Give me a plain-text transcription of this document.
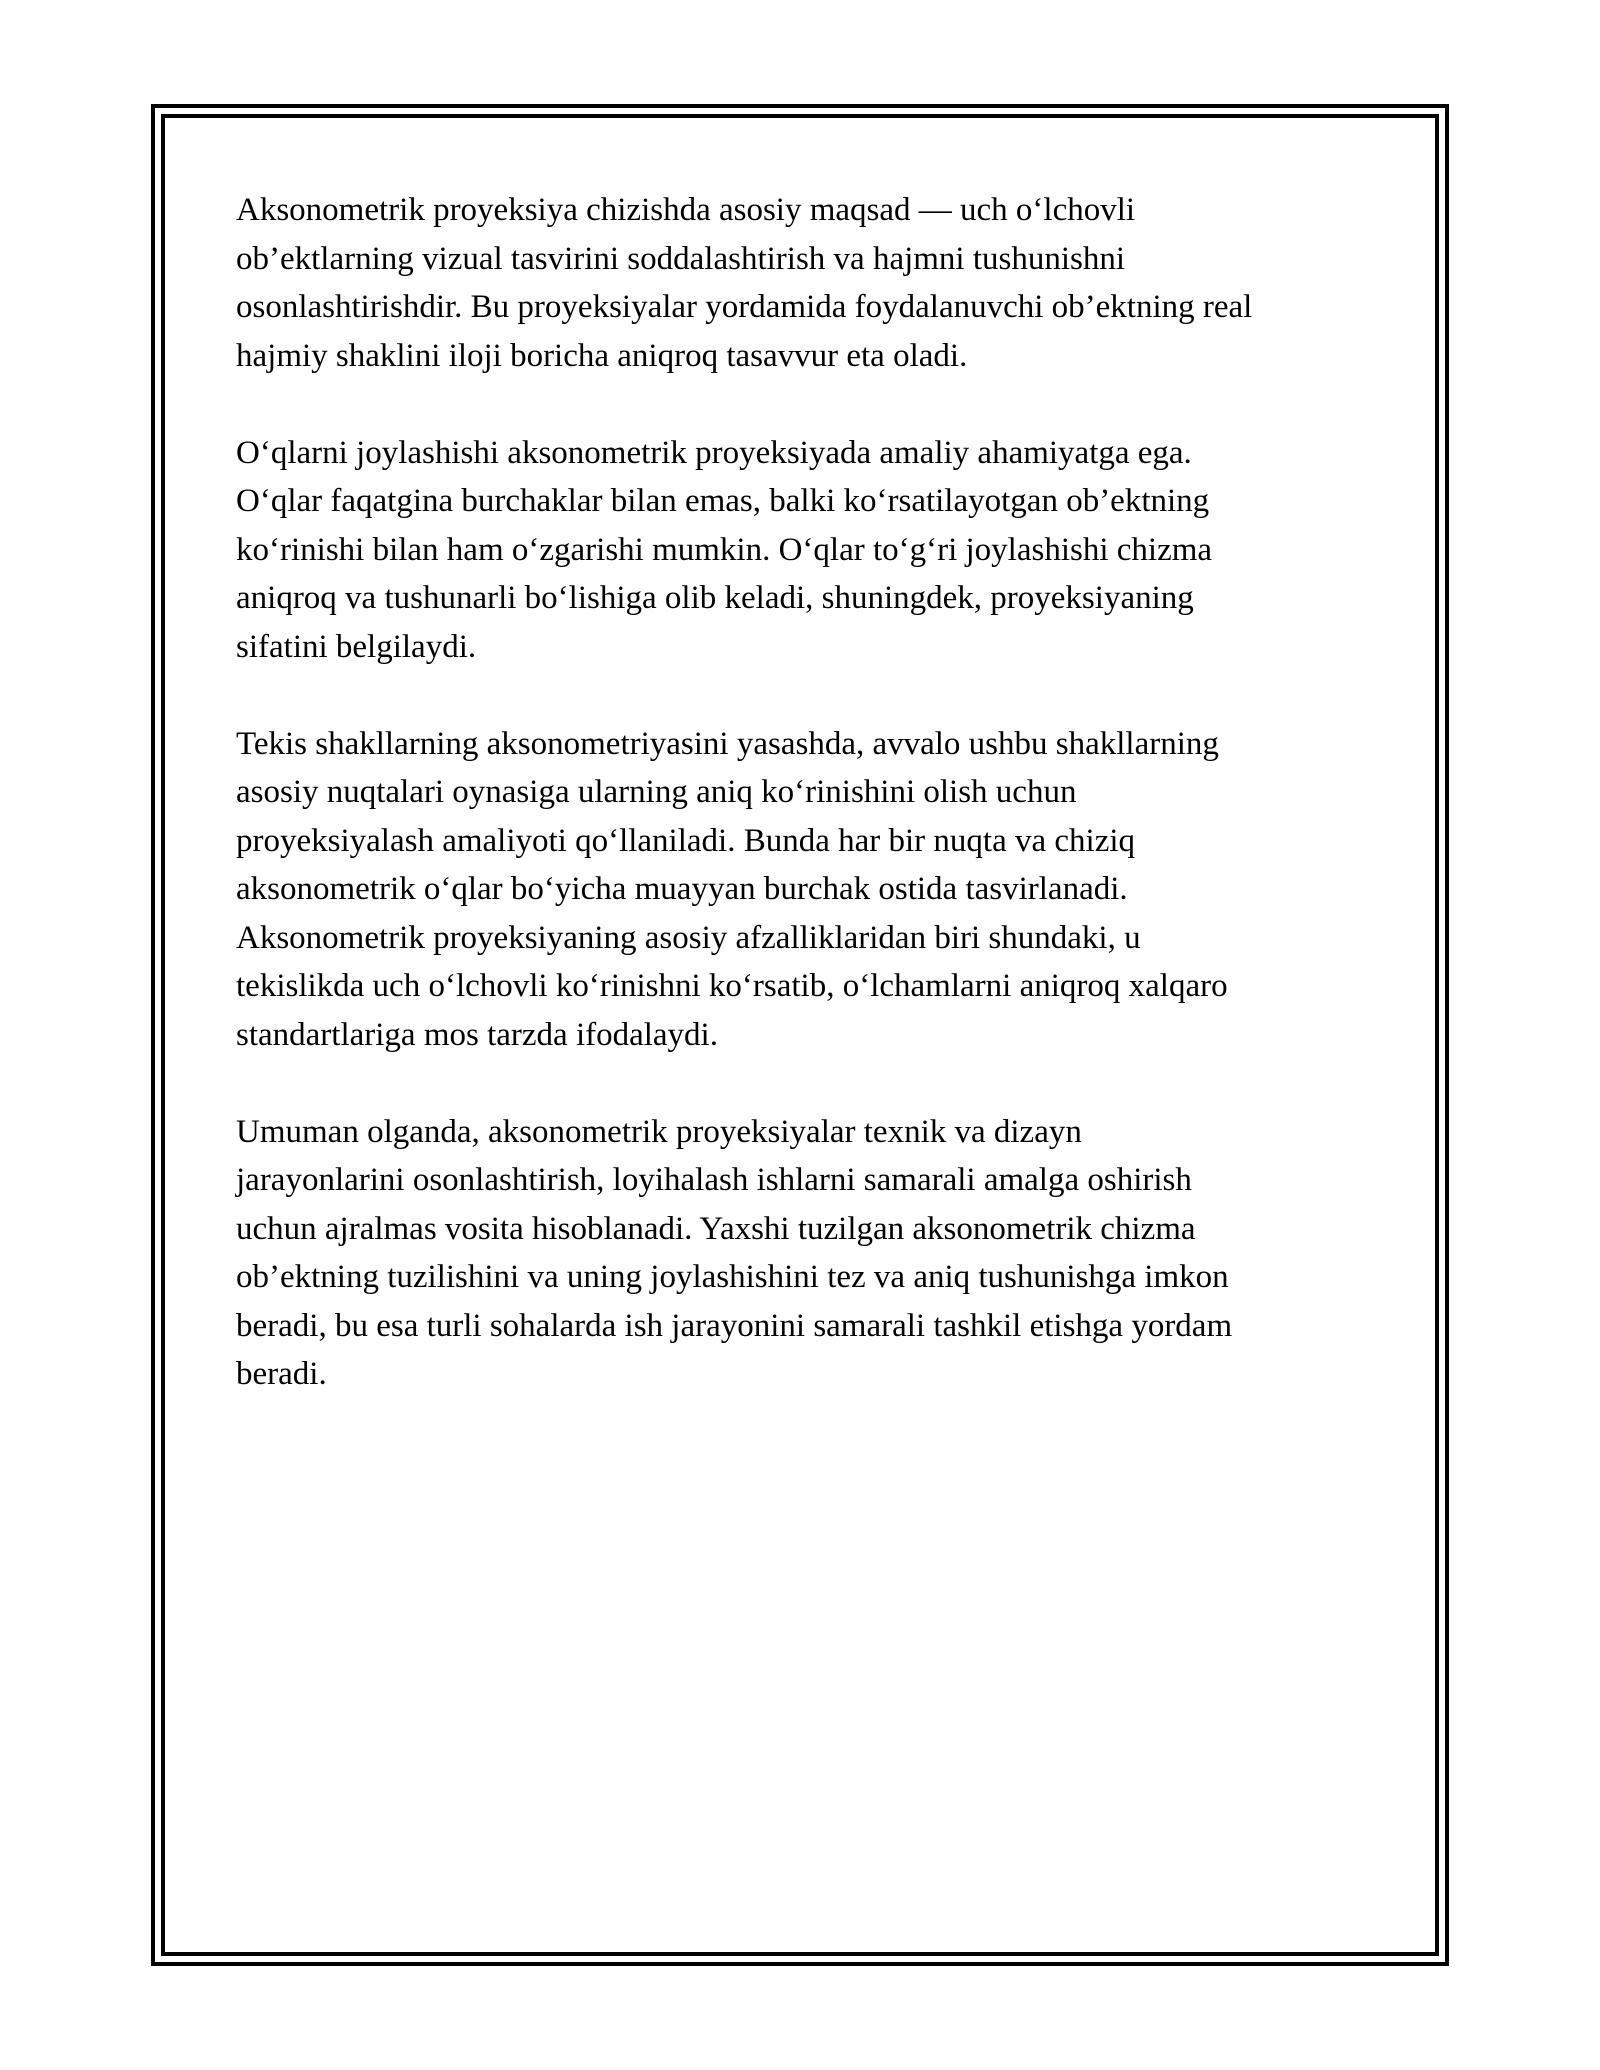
Aksonometrik proyeksiya chizishda asosiy maqsad — uch o‘lchovli
ob’ektlarning vizual tasvirini soddalashtirish va hajmni tushunishni
osonlashtirishdir. Bu proyeksiyalar yordamida foydalanuvchi ob’ektning real
hajmiy shaklini iloji boricha aniqroq tasavvur eta oladi.

O‘qlarni joylashishi aksonometrik proyeksiyada amaliy ahamiyatga ega.
O‘qlar faqatgina burchaklar bilan emas, balki ko‘rsatilayotgan ob’ektning
ko‘rinishi bilan ham o‘zgarishi mumkin. O‘qlar to‘g‘ri joylashishi chizma
aniqroq va tushunarli bo‘lishiga olib keladi, shuningdek, proyeksiyaning
sifatini belgilaydi.

Tekis shakllarning aksonometriyasini yasashda, avvalo ushbu shakllarning
asosiy nuqtalari oynasiga ularning aniq ko‘rinishini olish uchun
proyeksiyalash amaliyoti qo‘llaniladi. Bunda har bir nuqta va chiziq
aksonometrik o‘qlar bo‘yicha muayyan burchak ostida tasvirlanadi.
Aksonometrik proyeksiyaning asosiy afzalliklaridan biri shundaki, u
tekislikda uch o‘lchovli ko‘rinishni ko‘rsatib, o‘lchamlarni aniqroq xalqaro
standartlariga mos tarzda ifodalaydi.

Umuman olganda, aksonometrik proyeksiyalar texnik va dizayn
jarayonlarini osonlashtirish, loyihalash ishlarni samarali amalga oshirish
uchun ajralmas vosita hisoblanadi. Yaxshi tuzilgan aksonometrik chizma
ob’ektning tuzilishini va uning joylashishini tez va aniq tushunishga imkon
beradi, bu esa turli sohalarda ish jarayonini samarali tashkil etishga yordam
beradi.
